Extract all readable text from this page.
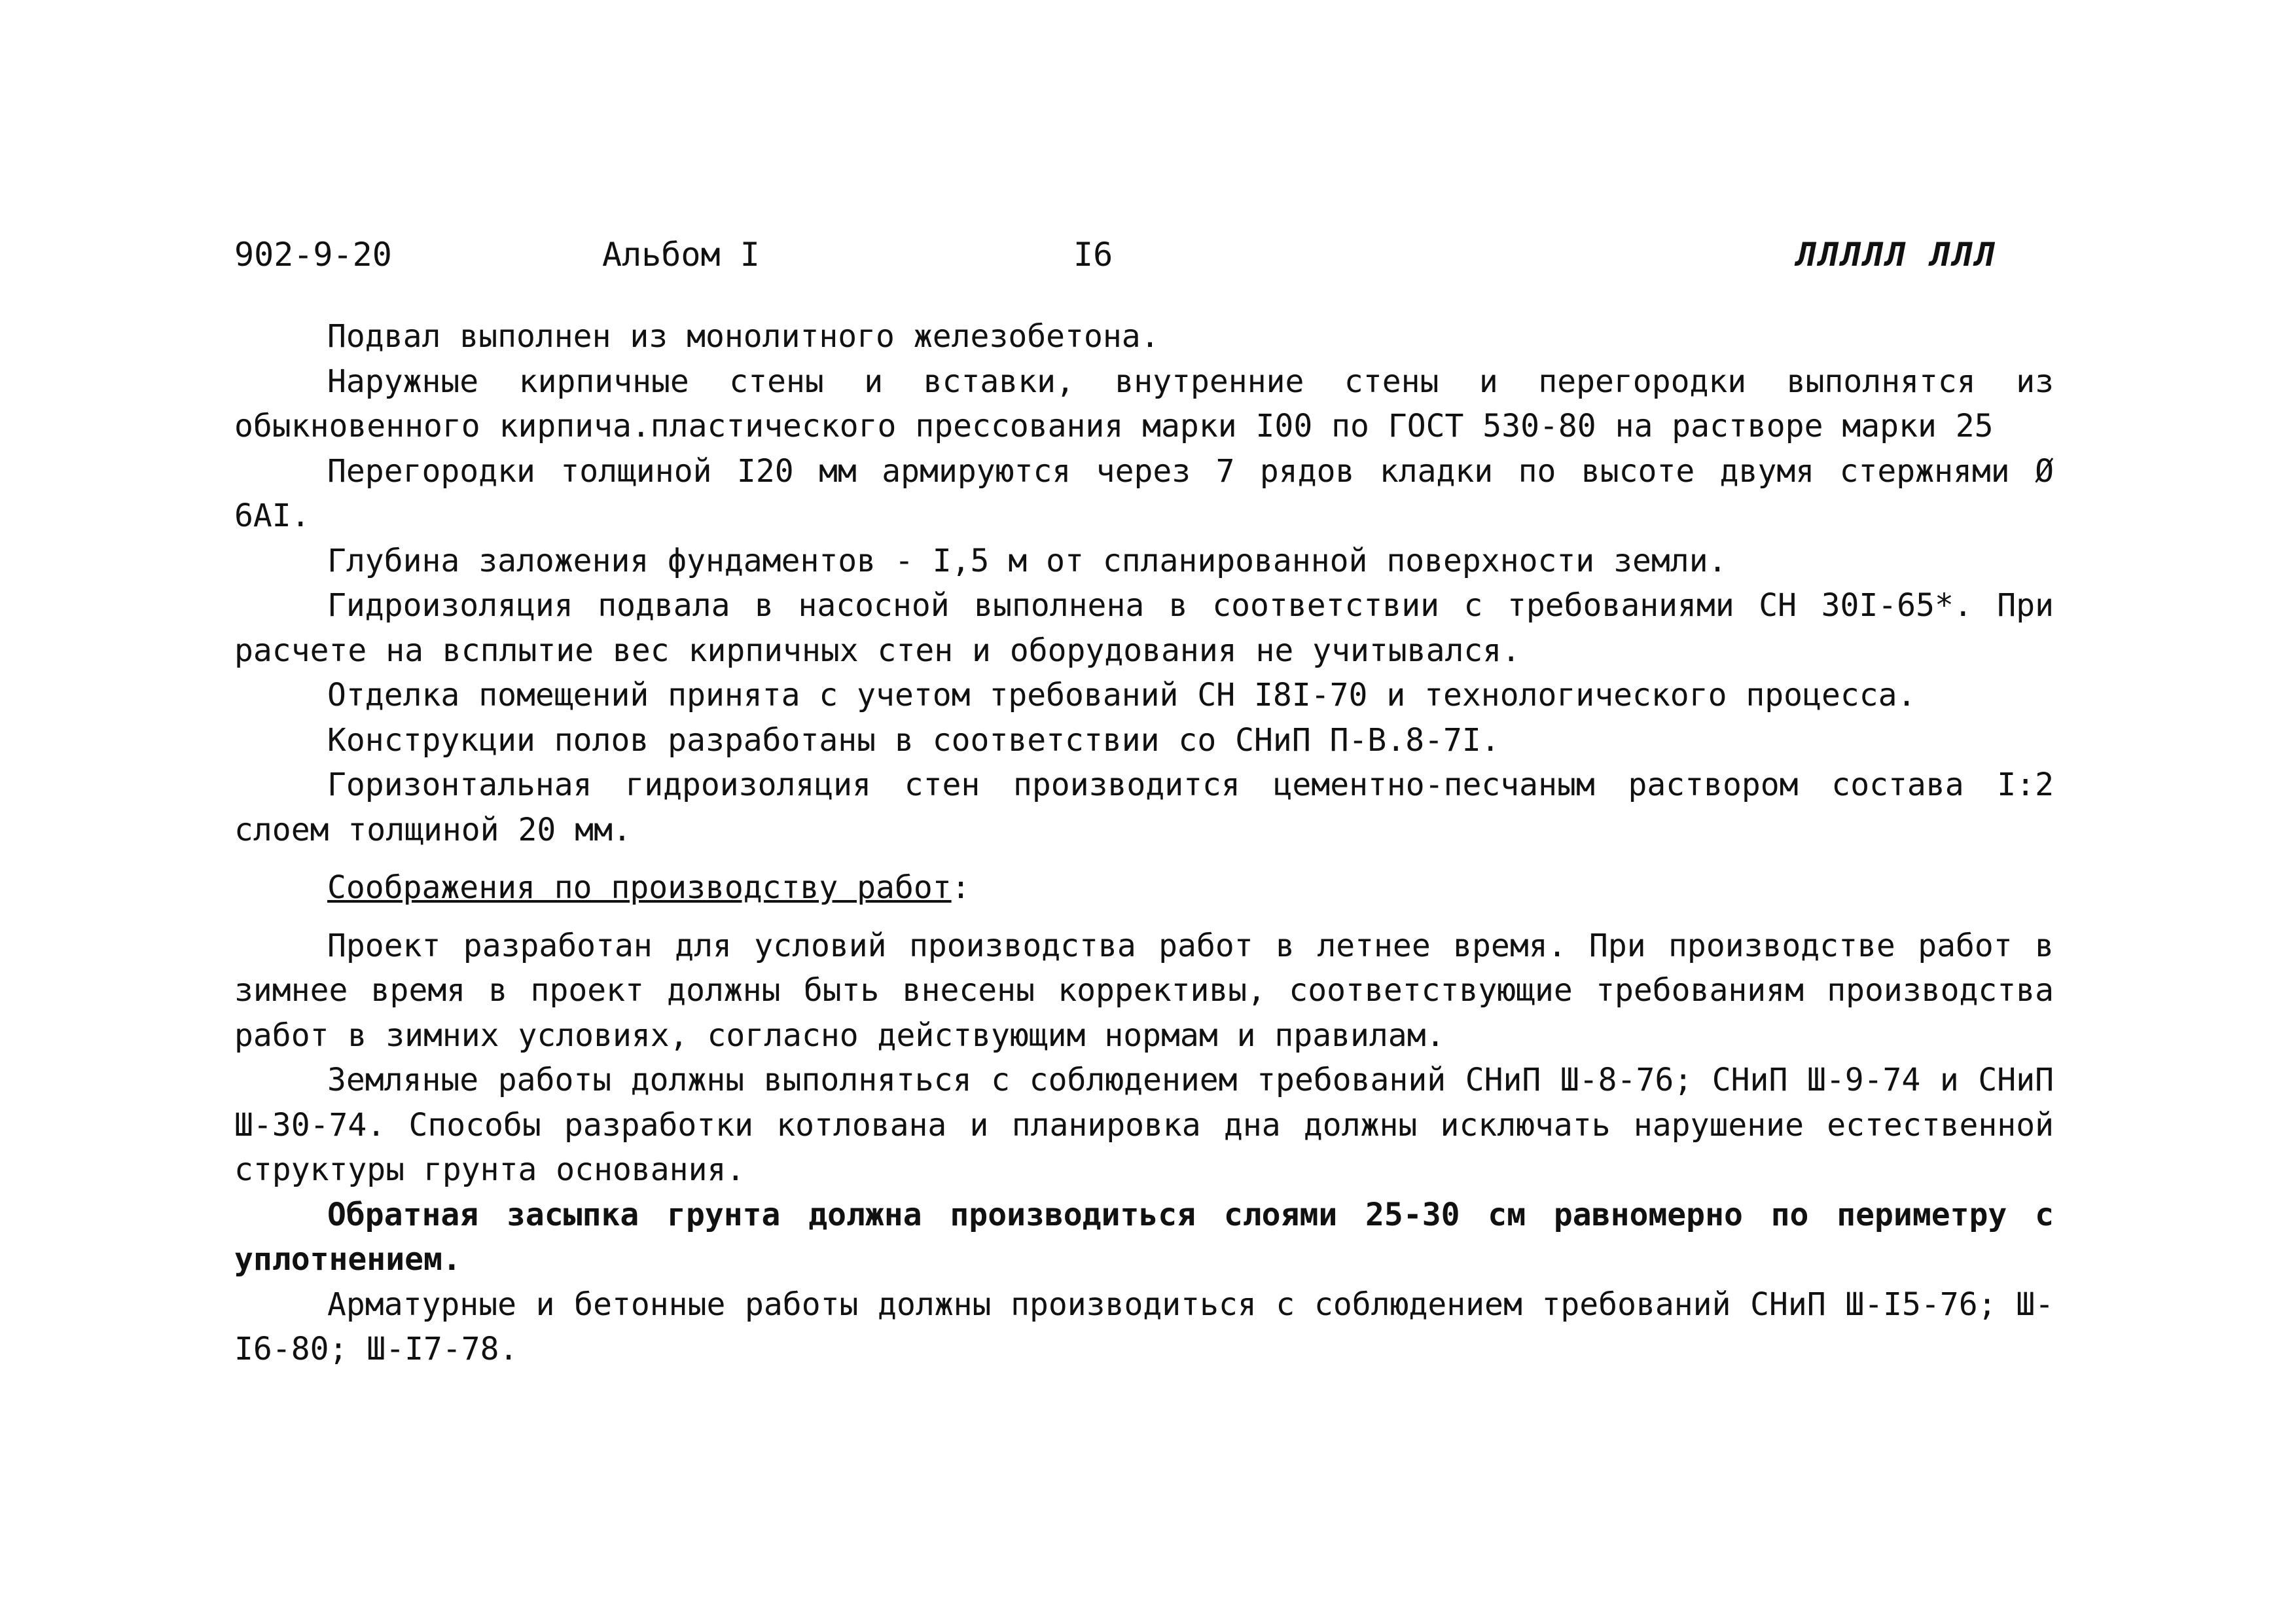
902-9-20	Альбом I	I6	ЛЛЛЛЛ ЛЛЛ

Подвал выполнен из монолитного железобетона.

Наружные кирпичные стены и вставки, внутренние стены и перегородки выполнятся из обыкновенного кирпича.пластического прессования марки I00 по ГОСТ 530-80 на растворе марки 25

Перегородки толщиной I20 мм армируются через 7 рядов кладки по высоте двумя стержнями Ø 6АI.

Глубина заложения фундаментов - I,5 м от спланированной поверхности земли.

Гидроизоляция подвала в насосной выполнена в соответствии с требованиями СН 30I-65*. При расчете на всплытие вес кирпичных стен и оборудования не учитывался.

Отделка помещений принята с учетом требований СН I8I-70 и технологического процесса.

Конструкции полов разработаны в соответствии со СНиП П-В.8-7I.

Горизонтальная гидроизоляция стен производится цементно-песчаным раствором состава I:2 слоем толщиной 20 мм.

Соображения по производству работ:

Проект разработан для условий производства работ в летнее время. При производстве работ в зимнее время в проект должны быть внесены коррективы, соответствующие требованиям производства работ в зимних условиях, согласно действующим нормам и правилам.

Земляные работы должны выполняться с соблюдением требований СНиП Ш-8-76; СНиП Ш-9-74 и СНиП Ш-30-74. Способы разработки котлована и планировка дна должны исключать нарушение естественной структуры грунта основания.

Обратная засыпка грунта должна производиться слоями 25-30 см равномерно по периметру с уплотнением.

Арматурные и бетонные работы должны производиться с соблюдением требований СНиП Ш-I5-76; Ш-I6-80; Ш-I7-78.
